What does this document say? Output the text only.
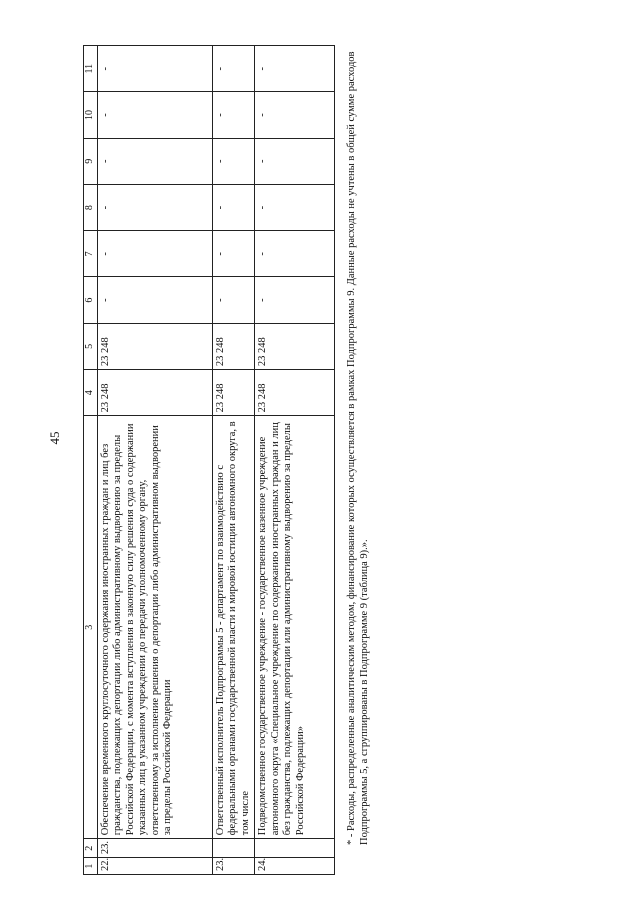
45
1	2	3	4	5	6	7	8	9	10	11
22.	23.	Обеспечение временного круглосуточного содержания иностранных граждан и лиц без гражданства, подлежащих депортации либо административному выдворению за пределы Российской Федерации, с момента вступления в законную силу решения суда о содержании указанных лиц в указанном учреждении до передачи уполномоченному органу, ответственному за исполнение решения о депортации либо административном выдворении за пределы Российской Федерации	23 248	23 248	-	-	-	-	-	-
23.		Ответственный исполнитель Подпрограммы 5 - департамент по взаимодействию с федеральными органами государственной власти и мировой юстиции автономного округа, в том числе	23 248	23 248	-	-	-	-	-	-
24.		Подведомственное государственное учреждение - государственное казенное учреждение автономного округа «Специальное учреждение по содержанию иностранных граждан и лиц без гражданства, подлежащих депортации или административному выдворению за пределы Российской Федерации»	23 248	23 248	-	-	-	-	-	-
* - Расходы, распределенные аналитическим методом, финансирование которых осуществляется в рамках Подпрограммы 9. Данные расходы не учтены в общей сумме расходов Подпрограммы 5, а сгруппированы в Подпрограмме 9 (таблица 9).».
